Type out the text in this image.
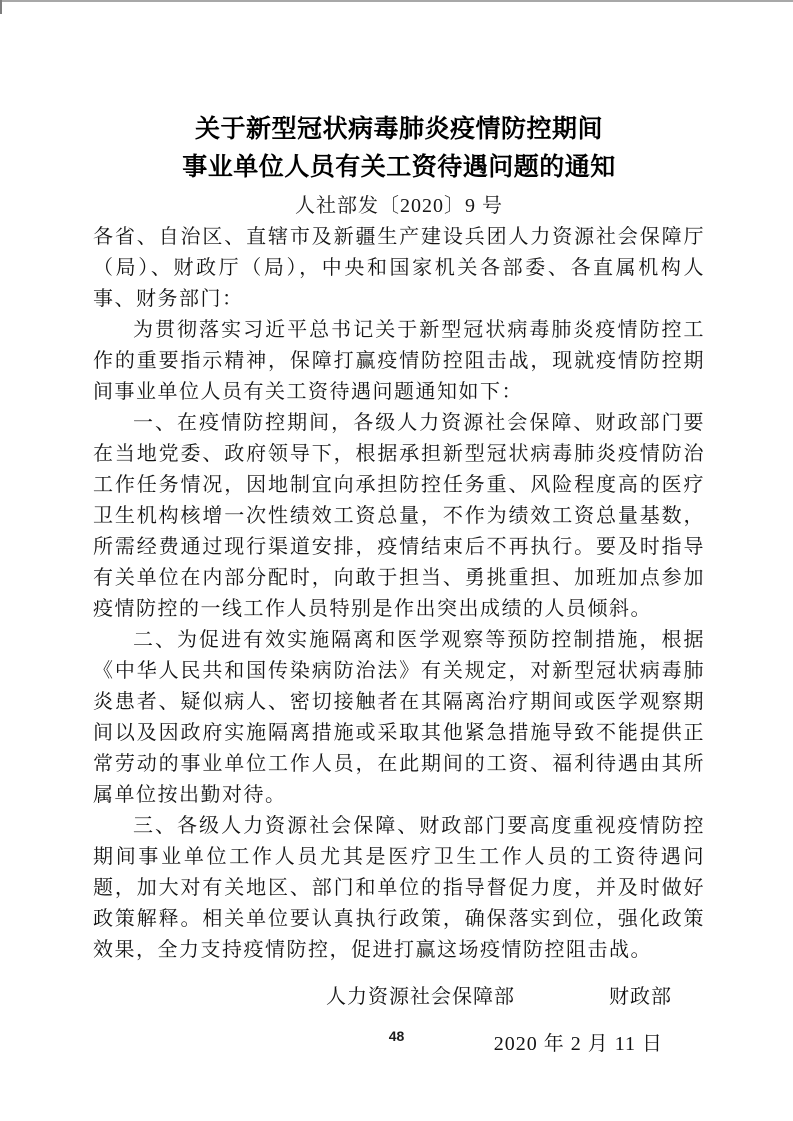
关于新型冠状病毒肺炎疫情防控期间
事业单位人员有关工资待遇问题的通知
人社部发〔2020〕9 号

各省、自治区、直辖市及新疆生产建设兵团人力资源社会保障厅（局）、财政厅（局），中央和国家机关各部委、各直属机构人事、财务部门：

为贯彻落实习近平总书记关于新型冠状病毒肺炎疫情防控工作的重要指示精神，保障打赢疫情防控阻击战，现就疫情防控期间事业单位人员有关工资待遇问题通知如下：

一、在疫情防控期间，各级人力资源社会保障、财政部门要在当地党委、政府领导下，根据承担新型冠状病毒肺炎疫情防治工作任务情况，因地制宜向承担防控任务重、风险程度高的医疗卫生机构核增一次性绩效工资总量，不作为绩效工资总量基数，所需经费通过现行渠道安排，疫情结束后不再执行。要及时指导有关单位在内部分配时，向敢于担当、勇挑重担、加班加点参加疫情防控的一线工作人员特别是作出突出成绩的人员倾斜。

二、为促进有效实施隔离和医学观察等预防控制措施，根据《中华人民共和国传染病防治法》有关规定，对新型冠状病毒肺炎患者、疑似病人、密切接触者在其隔离治疗期间或医学观察期间以及因政府实施隔离措施或采取其他紧急措施导致不能提供正常劳动的事业单位工作人员，在此期间的工资、福利待遇由其所属单位按出勤对待。

三、各级人力资源社会保障、财政部门要高度重视疫情防控期间事业单位工作人员尤其是医疗卫生工作人员的工资待遇问题，加大对有关地区、部门和单位的指导督促力度，并及时做好政策解释。相关单位要认真执行政策，确保落实到位，强化政策效果，全力支持疫情防控，促进打赢这场疫情防控阻击战。

人力资源社会保障部	财政部
2020 年 2 月 11 日
48
